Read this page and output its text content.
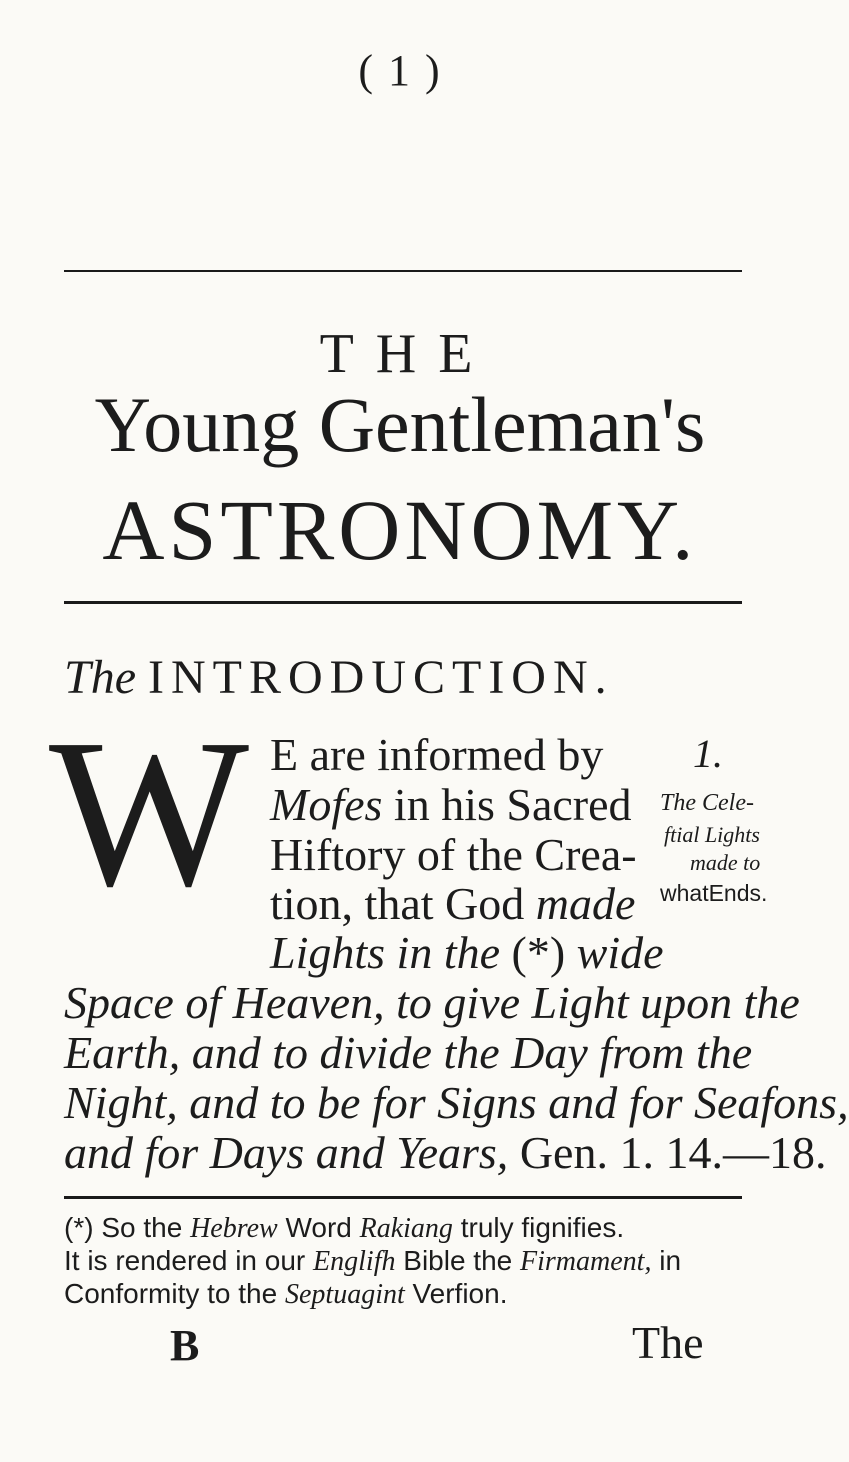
( 1 )
THE
Young Gentleman's
ASTRONOMY.
The INTRODUCTION.
W E are informed by
Mofes in his Sacred
Hiftory of the Crea-
tion, that God made
Lights in the (*) wide
Space of Heaven, to give Light upon the
Earth, and to divide the Day from the
Night, and to be for Signs and for Seafons,
and for Days and Years, Gen. 1. 14.—18.
1.
The Cele-
ftial Lights
made to
whatEnds.
(*) So the Hebrew Word Rakiang truly fignifies.
It is rendered in our Englifh Bible the Firmament, in
Conformity to the Septuagint Verfion.
B	The
